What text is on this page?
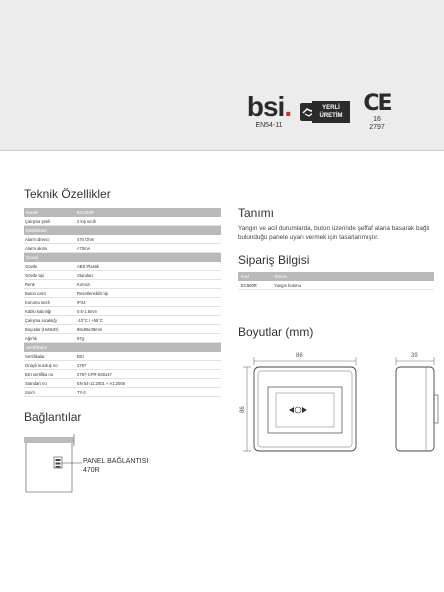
bsi.
EN54-11
YERLİ
ÜRETİM CE
16
2797
Teknik Özellikler
Model	EC600R
Çalışma şekli	2 kış sınıfı
Elektriksel
Alarm direnci	470 Ohm
Alarm akımı	<70mA
Genel
Gövde	ABS Plastik
Gövde tipi	Standart
Renk	Kırmızı
Buton cazrı	Resetlenebilir tip
Koruma sınıfı	IP24
Kablo kalınlığı	0.5-1.5mm
Çalışma sıcaklığı	-10°C / +55°C
Boyutlar (HxWxD)	86x86x39mm
Ağırlık	97g
Sertifikalar
Sertifikalar	BSI
Onaylı kuruluş no	2797
BSI sertifika no	2797-CPR-636147
Standart no	EN 54-11:2001 + A1:2005
Sınıfı	TY-2
Tanımı
Yangın ve acil durumlarda, buton üzerinde şeffaf alana basarak bağlı bulunduğu panele uyarı vermek için tasarlanmıştır.
Sipariş Bilgisi
Kod	Tanımı
EC600R	Yangın butonu
Boyutlar (mm)
86
86
39
Bağlantılar
PANEL BAĞLANTISI
470R
